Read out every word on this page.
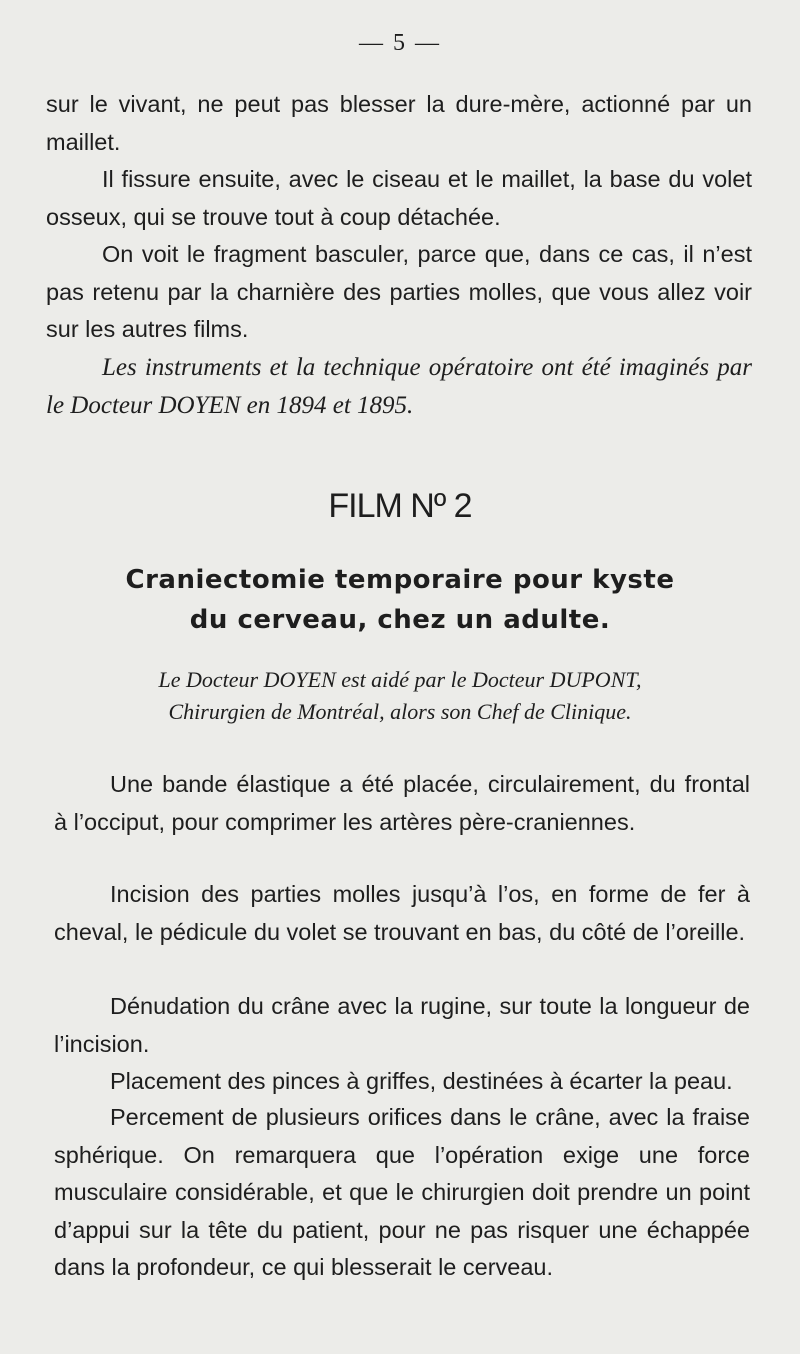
— 5 —

sur le vivant, ne peut pas blesser la dure-mère, actionné par un maillet.

Il fissure ensuite, avec le ciseau et le maillet, la base du volet osseux, qui se trouve tout à coup détachée.

On voit le fragment basculer, parce que, dans ce cas, il n’est pas retenu par la charnière des parties molles, que vous allez voir sur les autres films.

Les instruments et la technique opératoire ont été imaginés par le Docteur DOYEN en 1894 et 1895.

FILM Nº 2
Craniectomie temporaire pour kyste
du cerveau, chez un adulte.
Le Docteur DOYEN est aidé par le Docteur DUPONT,
Chirurgien de Montréal, alors son Chef de Clinique.

Une bande élastique a été placée, circulairement, du frontal à l’occiput, pour comprimer les artères père-craniennes.

Incision des parties molles jusqu’à l’os, en forme de fer à cheval, le pédicule du volet se trouvant en bas, du côté de l’oreille.

Dénudation du crâne avec la rugine, sur toute la longueur de l’incision.

Placement des pinces à griffes, destinées à écarter la peau.

Percement de plusieurs orifices dans le crâne, avec la fraise sphérique. On remarquera que l’opération exige une force musculaire considérable, et que le chirurgien doit prendre un point d’appui sur la tête du patient, pour ne pas risquer une échappée dans la profondeur, ce qui blesserait le cerveau.
